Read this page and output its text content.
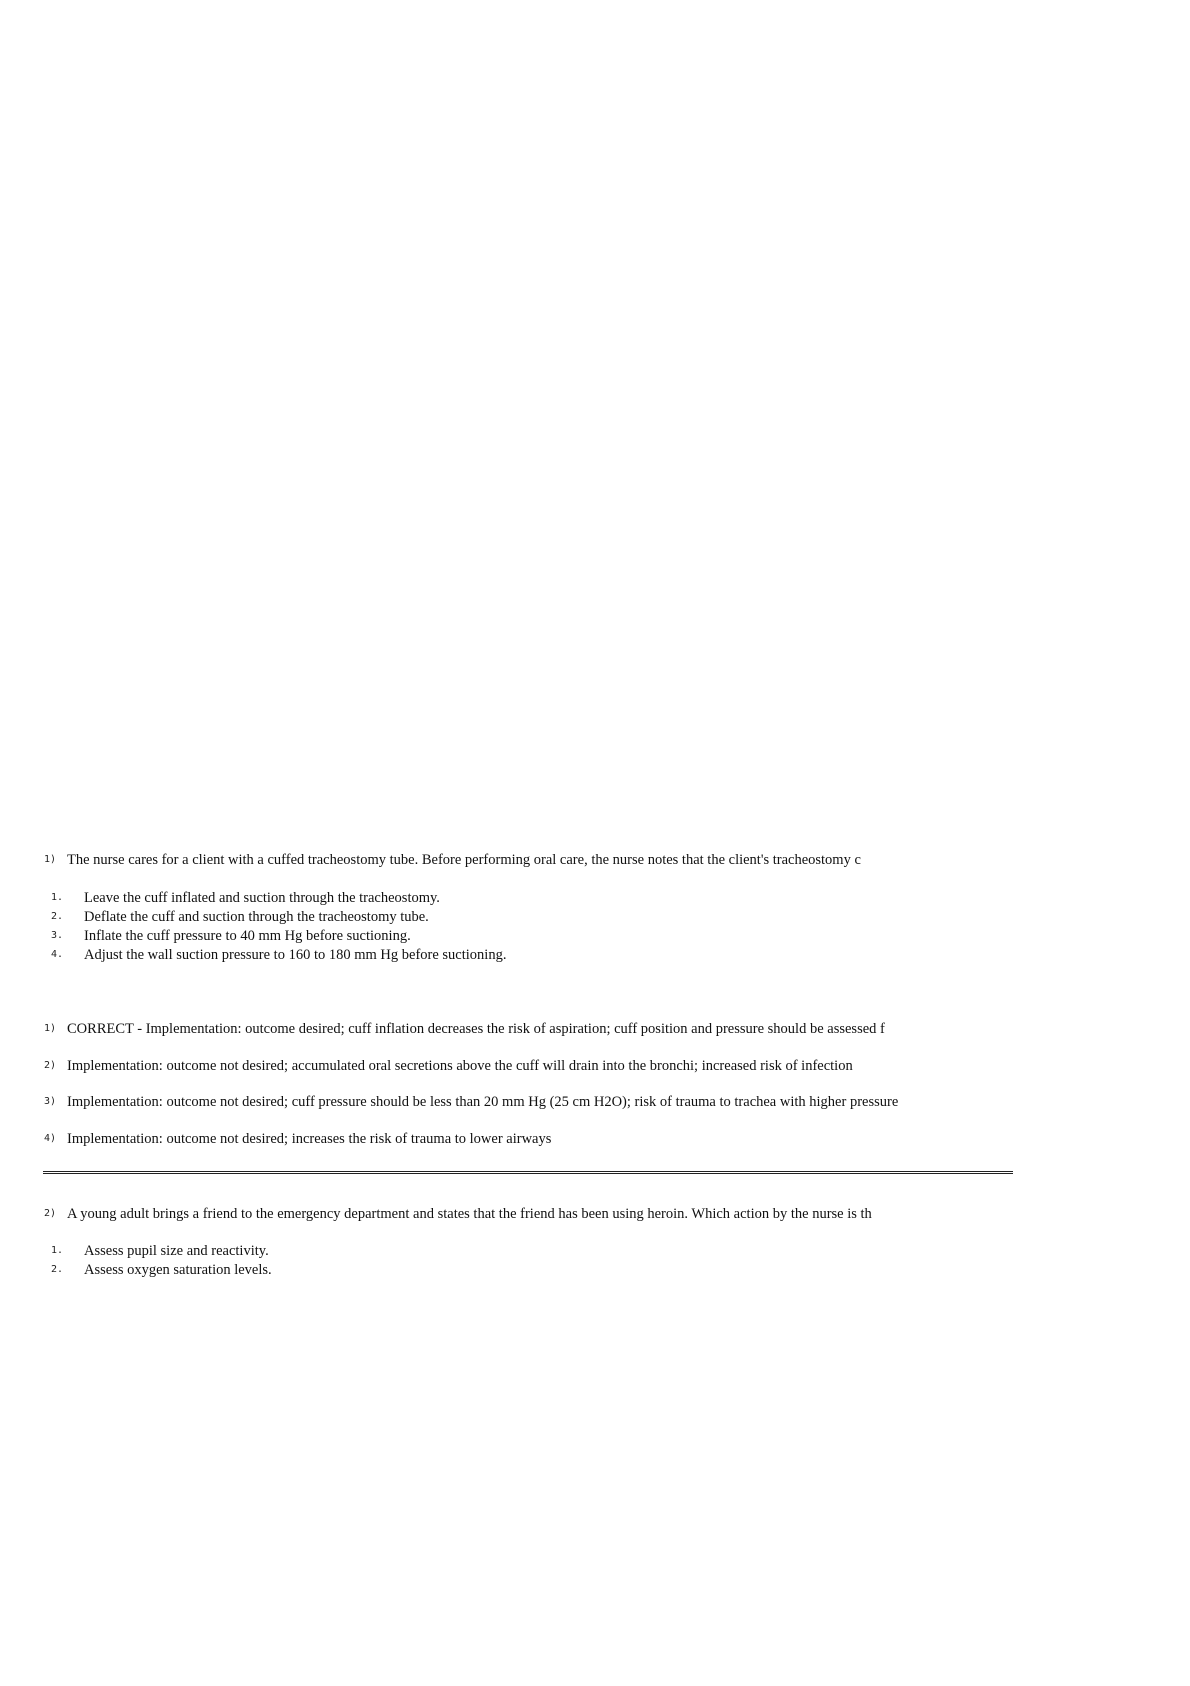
1) The nurse cares for a client with a cuffed tracheostomy tube. Before performing oral care, the nurse notes that the client's tracheostomy c
1. Leave the cuff inflated and suction through the tracheostomy.
2. Deflate the cuff and suction through the tracheostomy tube.
3. Inflate the cuff pressure to 40 mm Hg before suctioning.
4. Adjust the wall suction pressure to 160 to 180 mm Hg before suctioning.
1) CORRECT - Implementation: outcome desired; cuff inflation decreases the risk of aspiration; cuff position and pressure should be assessed f
2) Implementation: outcome not desired; accumulated oral secretions above the cuff will drain into the bronchi; increased risk of infection
3) Implementation: outcome not desired; cuff pressure should be less than 20 mm Hg (25 cm H2O); risk of trauma to trachea with higher pressure
4) Implementation: outcome not desired; increases the risk of trauma to lower airways
2) A young adult brings a friend to the emergency department and states that the friend has been using heroin. Which action by the nurse is th
1. Assess pupil size and reactivity.
2. Assess oxygen saturation levels.
